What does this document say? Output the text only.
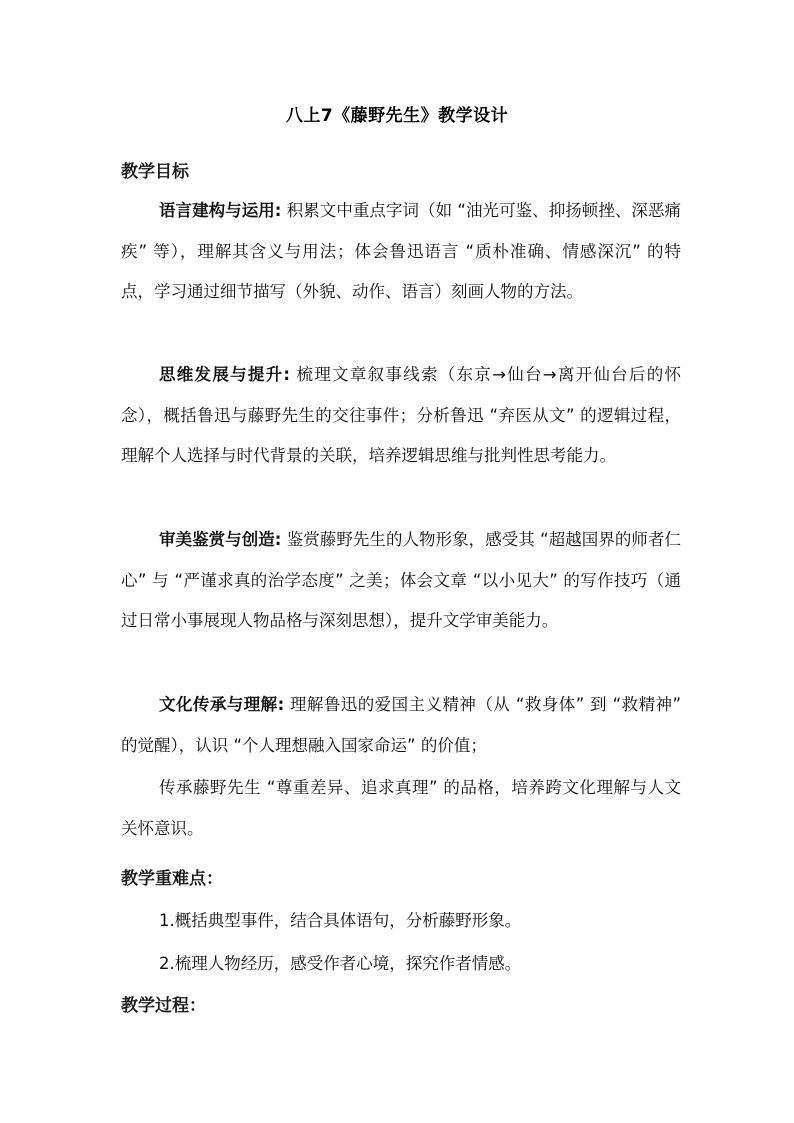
八上7《藤野先生》教学设计
教学目标

语言建构与运用: 积累文中重点字词（如 “油光可鉴、抑扬顿挫、深恶痛疾” 等），理解其含义与用法；体会鲁迅语言 “质朴准确、情感深沉” 的特点，学习通过细节描写（外貌、动作、语言）刻画人物的方法。

思维发展与提升: 梳理文章叙事线索（东京→仙台→离开仙台后的怀念），概括鲁迅与藤野先生的交往事件；分析鲁迅 “弃医从文” 的逻辑过程，理解个人选择与时代背景的关联，培养逻辑思维与批判性思考能力。

审美鉴赏与创造: 鉴赏藤野先生的人物形象，感受其 “超越国界的师者仁心” 与 “严谨求真的治学态度” 之美；体会文章 “以小见大” 的写作技巧（通过日常小事展现人物品格与深刻思想），提升文学审美能力。

文化传承与理解: 理解鲁迅的爱国主义精神（从 “救身体” 到 “救精神” 的觉醒），认识 “个人理想融入国家命运” 的价值；

传承藤野先生 “尊重差异、追求真理” 的品格，培养跨文化理解与人文关怀意识。

教学重难点：
1.概括典型事件，结合具体语句，分析藤野形象。
2.梳理人物经历，感受作者心境，探究作者情感。
教学过程：
